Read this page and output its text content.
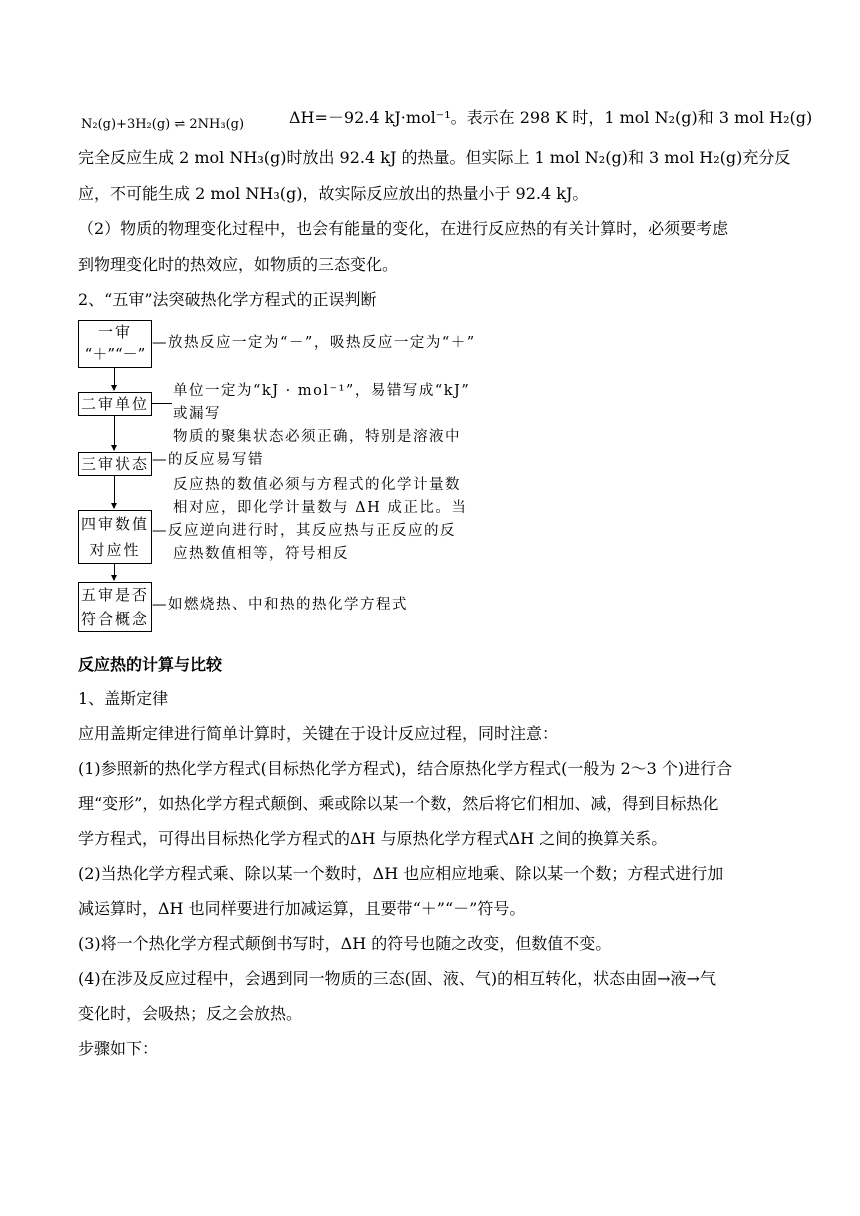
N₂(g)+3H₂(g) ⇌ 2NH₃(g)	ΔH=－92.4 kJ·mol⁻¹。表示在 298 K 时，1 mol N₂(g)和 3 mol H₂(g)
完全反应生成 2 mol NH₃(g)时放出 92.4 kJ 的热量。但实际上 1 mol N₂(g)和 3 mol H₂(g)充分反
应，不可能生成 2 mol NH₃(g)，故实际反应放出的热量小于 92.4 kJ。
（2）物质的物理变化过程中，也会有能量的变化，在进行反应热的有关计算时，必须要考虑
到物理变化时的热效应，如物质的三态变化。
2、“五审”法突破热化学方程式的正误判断
一审
“＋”“－”
—放热反应一定为“－”，吸热反应一定为“＋”
二审单位
单位一定为“kJ · mol⁻¹”，易错写成“kJ”
或漏写
三审状态
物质的聚集状态必须正确，特别是溶液中
—的反应易写错
四审数值
对应性
反应热的数值必须与方程式的化学计量数
相对应，即化学计量数与 ΔH 成正比。当
—反应逆向进行时，其反应热与正反应的反
应热数值相等，符号相反
五审是否
符合概念
—如燃烧热、中和热的热化学方程式
反应热的计算与比较
1、盖斯定律
应用盖斯定律进行简单计算时，关键在于设计反应过程，同时注意：
(1)参照新的热化学方程式(目标热化学方程式)，结合原热化学方程式(一般为 2～3 个)进行合
理“变形”，如热化学方程式颠倒、乘或除以某一个数，然后将它们相加、减，得到目标热化
学方程式，可得出目标热化学方程式的ΔH 与原热化学方程式ΔH 之间的换算关系。
(2)当热化学方程式乘、除以某一个数时，ΔH 也应相应地乘、除以某一个数；方程式进行加
减运算时，ΔH 也同样要进行加减运算，且要带“＋”“－”符号。
(3)将一个热化学方程式颠倒书写时，ΔH 的符号也随之改变，但数值不变。
(4)在涉及反应过程中，会遇到同一物质的三态(固、液、气)的相互转化，状态由固→液→气
变化时，会吸热；反之会放热。
步骤如下：
